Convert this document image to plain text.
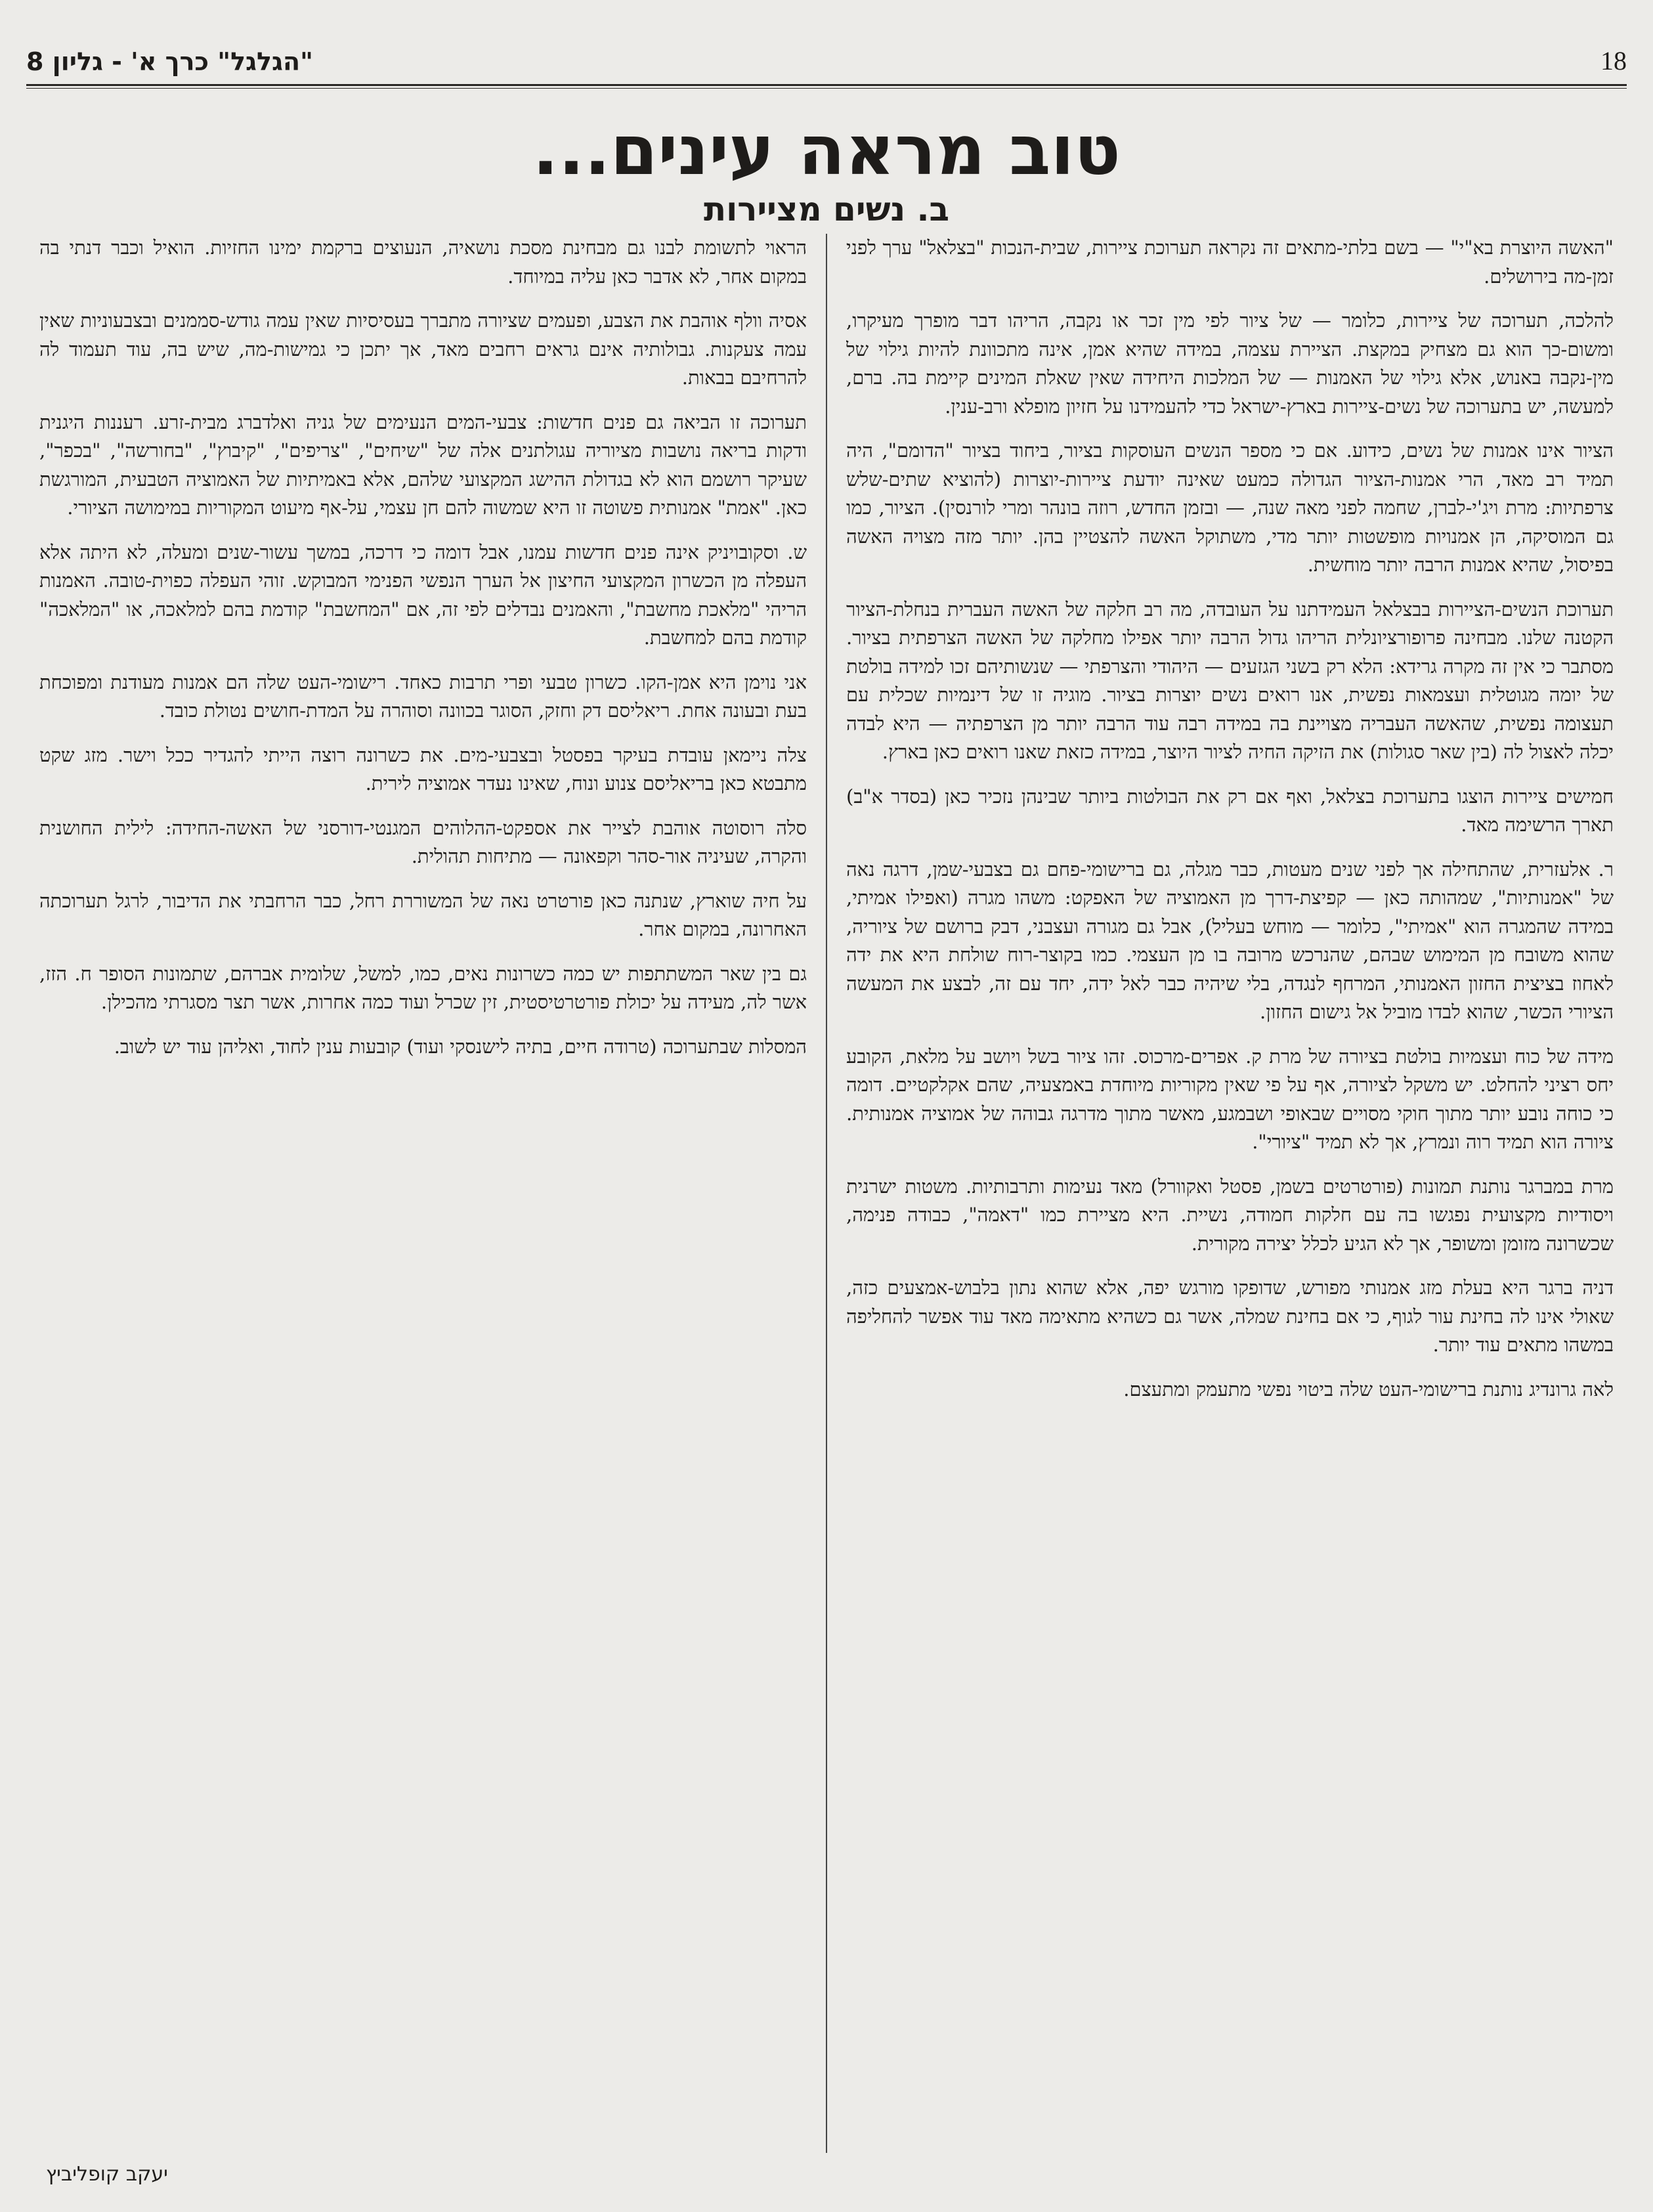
"הגלגל" כרך א' - גליון 8	18
טוב מראה עינים...
ב. נשים מציירות

"האשה היוצרת בא"י" — בשם בלתי-מתאים זה נקראה תערוכת ציירות, שבית-הנכות "בצלאל" ערך לפני זמן-מה בירושלים.

להלכה, תערוכה של ציירות, כלומר — של ציור לפי מין זכר או נקבה, הריהו דבר מופרך מעיקרו, ומשום-כך הוא גם מצחיק במקצת. הציירת עצמה, במידה שהיא אמן, אינה מתכוונת להיות גילוי של מין-נקבה באנוש, אלא גילוי של האמנות — של המלכות היחידה שאין שאלת המינים קיימת בה. ברם, למעשה, יש בתערוכה של נשים-ציירות בארץ-ישראל כדי להעמידנו על חזיון מופלא ורב-ענין.

הציור אינו אמנות של נשים, כידוע. אם כי מספר הנשים העוסקות בציור, ביחוד בציור "הדומם", היה תמיד רב מאד, הרי אמנות-הציור הגדולה כמעט שאינה יודעת ציירות-יוצרות (להוציא שתים-שלש צרפתיות: מרת ויג'י-לברן, שחמה לפני מאה שנה, — ובזמן החדש, רוזה בונהר ומרי לורנסין). הציור, כמו גם המוסיקה, הן אמנויות מופשטות יותר מדי, משתוקל האשה להצטיין בהן. יותר מזה מצויה האשה בפיסול, שהיא אמנות הרבה יותר מוחשית.

תערוכת הנשים-הציירות בבצלאל העמידתנו על העובדה, מה רב חלקה של האשה העברית בנחלת-הציור הקטנה שלנו. מבחינה פרופורציונלית הריהו גדול הרבה יותר אפילו מחלקה של האשה הצרפתית בציור. מסתבר כי אין זה מקרה גרידא: הלא רק בשני הגזעים — היהודי והצרפתי — שנשותיהם זכו למידה בולטת של יומה מגוטלית ועצמאות נפשית, אנו רואים נשים יוצרות בציור. מוגיה זו של דינמיות שכלית עם תעצומה נפשית, שהאשה העבריה מצויינת בה במידה רבה עוד הרבה יותר מן הצרפתיה — היא לבדה יכלה לאצול לה (בין שאר סגולות) את הזיקה החיה לציור היוצר, במידה כזאת שאנו רואים כאן בארץ.

חמישים ציירות הוצגו בתערוכת בצלאל, ואף אם רק את הבולטות ביותר שבינהן נזכיר כאן (בסדר א"ב) תארך הרשימה מאד.

ר. אלעזרית, שהתחילה אך לפני שנים מעטות, כבר מגלה, גם ברישומי-פחם גם בצבעי-שמן, דרגה נאה של "אמנותיות", שמהותה כאן — קפיצת-דרך מן האמוציה של האפקט: משהו מגרה (ואפילו אמיתי, במידה שהמגרה הוא "אמיתי", כלומר — מוחש בעליל), אבל גם מגורה ועצבני, דבק ברושם של ציוריה, שהוא משובח מן המימוש שבהם, שהנרכש מרובה בו מן העצמי. כמו בקוצר-רוח שולחת היא את ידה לאחוז בציצית החזון האמנותי, המרחף לנגדה, בלי שיהיה כבר לאל ידה, יחד עם זה, לבצע את המעשה הציורי הכשר, שהוא לבדו מוביל אל גישום החזון.

מידה של כוח ועצמיות בולטת בציורה של מרת ק. אפרים-מרכוס. זהו ציור בשל ויושב על מלאת, הקובע יחס רציני להחלט. יש משקל לציורה, אף על פי שאין מקוריות מיוחדת באמצעיה, שהם אקלקטיים. דומה כי כוחה נובע יותר מתוך חוקי מסויים שבאופי ושבמגע, מאשר מתוך מדרגה גבוהה של אמוציה אמנותית. ציורה הוא תמיד רוה ונמרץ, אך לא תמיד "ציורי".

מרת במברגר נותנת תמונות (פורטרטים בשמן, פסטל ואקוורל) מאד נעימות ותרבותיות. משטות ישרנית ויסודיות מקצועית נפגשו בה עם חלקות חמודה, נשיית. היא מציירת כמו "דאמה", כבודה פנימה, שכשרונה מזומן ומשופר, אך לא הגיע לכלל יצירה מקורית.

דניה ברגר היא בעלת מזג אמנותי מפורש, שדופקו מורגש יפה, אלא שהוא נתון בלבוש-אמצעים כזה, שאולי אינו לה בחינת עור לגוף, כי אם בחינת שמלה, אשר גם כשהיא מתאימה מאד עוד אפשר להחליפה במשהו מתאים עוד יותר.

לאה גרונדיג נותנת ברישומי-העט שלה ביטוי נפשי מתעמק ומתעצם.

הראוי לתשומת לבנו גם מבחינת מסכת נושאיה, הנעוצים ברקמת ימינו החזיות. הואיל וכבר דנתי בה במקום אחר, לא אדבר כאן עליה במיוחד.

אסיה וולף אוהבת את הצבע, ופעמים שציורה מתברך בעסיסיות שאין עמה גודש-סממנים ובצבעוניות שאין עמה צעקנות. גבולותיה אינם גראים רחבים מאד, אך יתכן כי גמישות-מה, שיש בה, עוד תעמוד לה להרחיבם בבאות.

תערוכה זו הביאה גם פנים חדשות: צבעי-המים הנעימים של גניה ואלדברג מבית-זרע. רעננות היגנית ודקות בריאה נושבות מציוריה עגולתנים אלה של "שיחים", "צריפים", "קיבוץ", "בחורשה", "בכפר", שעיקר רושמם הוא לא בגדולת ההישג המקצועי שלהם, אלא באמיתיות של האמוציה הטבעית, המורגשת כאן. "אמת" אמנותית פשוטה זו היא שמשוה להם חן עצמי, על-אף מיעוט המקוריות במימושה הציורי.

ש. וסקובויניק אינה פנים חדשות עמנו, אבל דומה כי דרכה, במשך עשור-שנים ומעלה, לא היתה אלא העפלה מן הכשרון המקצועי החיצון אל הערך הנפשי הפנימי המבוקש. זוהי העפלה כפוית-טובה. האמנות הריהי "מלאכת מחשבת", והאמנים נבדלים לפי זה, אם "המחשבת" קודמת בהם למלאכה, או "המלאכה" קודמת בהם למחשבת.

אני נוימן היא אמן-הקו. כשרון טבעי ופרי תרבות כאחד. רישומי-העט שלה הם אמנות מעודנת ומפוכחת בעת ובעונה אחת. ריאליסם דק וחזק, הסוגר בכוונה וסוהרה על המדת-חושים נטולת כובד.

צלה ניימאן עובדת בעיקר בפסטל ובצבעי-מים. את כשרונה רוצה הייתי להגדיר ככל וישר. מזג שקט מתבטא כאן בריאליסם צנוע ונוח, שאינו נעדר אמוציה לירית.

סלה רוסוטה אוהבת לצייר את אספקט-ההלוהים המגנטי-דורסני של האשה-החידה: לילית החושנית והקרה, שעיניה אור-סהר וקפאונה — מתיחות תהולית.

על חיה שוארץ, שנתנה כאן פורטרט נאה של המשוררת רחל, כבר הרחבתי את הדיבור, לרגל תערוכתה האחרונה, במקום אחר.

גם בין שאר המשתתפות יש כמה כשרונות נאים, כמו, למשל, שלומית אברהם, שתמונות הסופר ח. הזז, אשר לה, מעידה על יכולת פורטרטיסטית, זין שכרל ועוד כמה אחרות, אשר תצר מסגרתי מהכילן.

המסלות שבתערוכה (טרודה חיים, בתיה לישנסקי ועוד) קובעות ענין לחוד, ואליהן עוד יש לשוב.

יעקב קופליביץ
